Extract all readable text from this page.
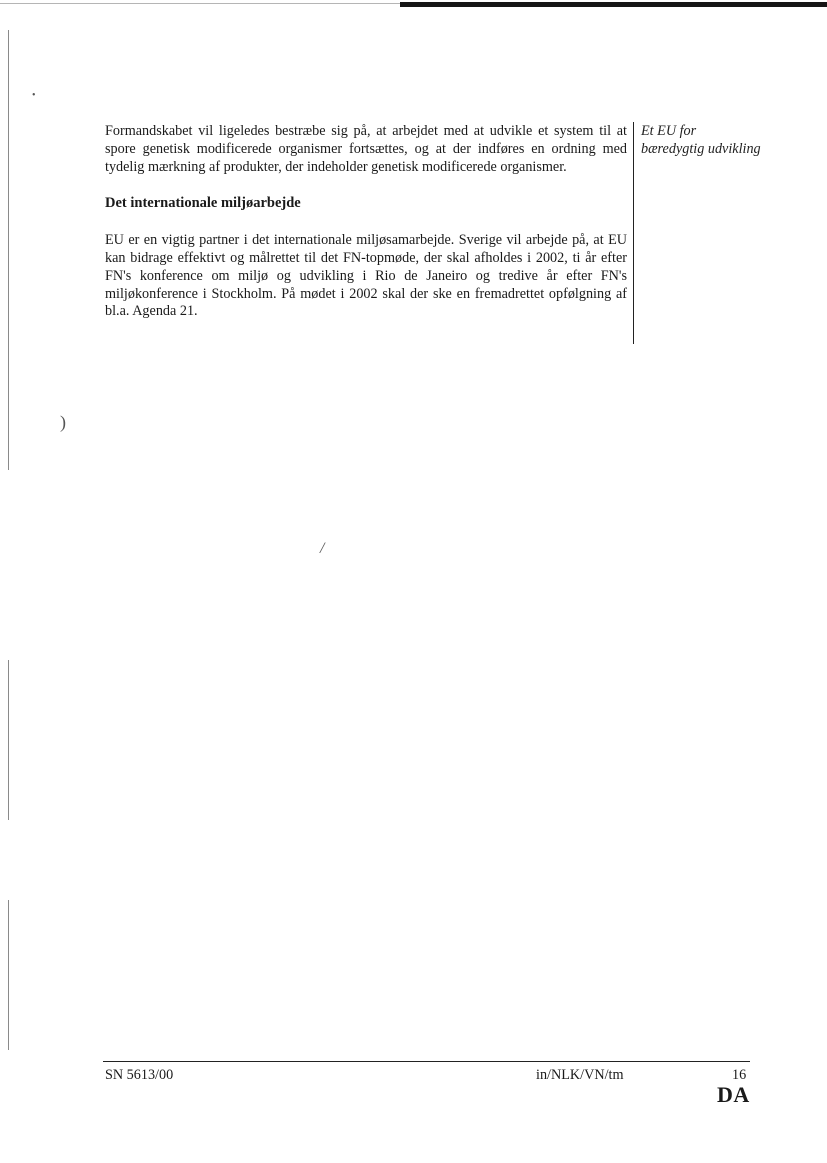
•
)
/

Formandskabet vil ligeledes bestræbe sig på, at arbejdet med at udvikle et system til at spore genetisk modificerede organismer fortsættes, og at der indføres en ordning med tydelig mærkning af produkter, der indeholder genetisk modificerede organismer.

Det internationale miljøarbejde

EU er en vigtig partner i det internationale miljøsamarbejde. Sverige vil arbejde på, at EU kan bidrage effektivt og målrettet til det FN-topmøde, der skal afholdes i 2002, ti år efter FN's konference om miljø og udvikling i Rio de Janeiro og tredive år efter FN's miljøkonference i Stockholm. På mødet i 2002 skal der ske en fremadrettet opfølgning af bl.a. Agenda 21.

Et EU for bæredygtig udvikling
SN 5613/00	in/NLK/VN/tm	16
DA
